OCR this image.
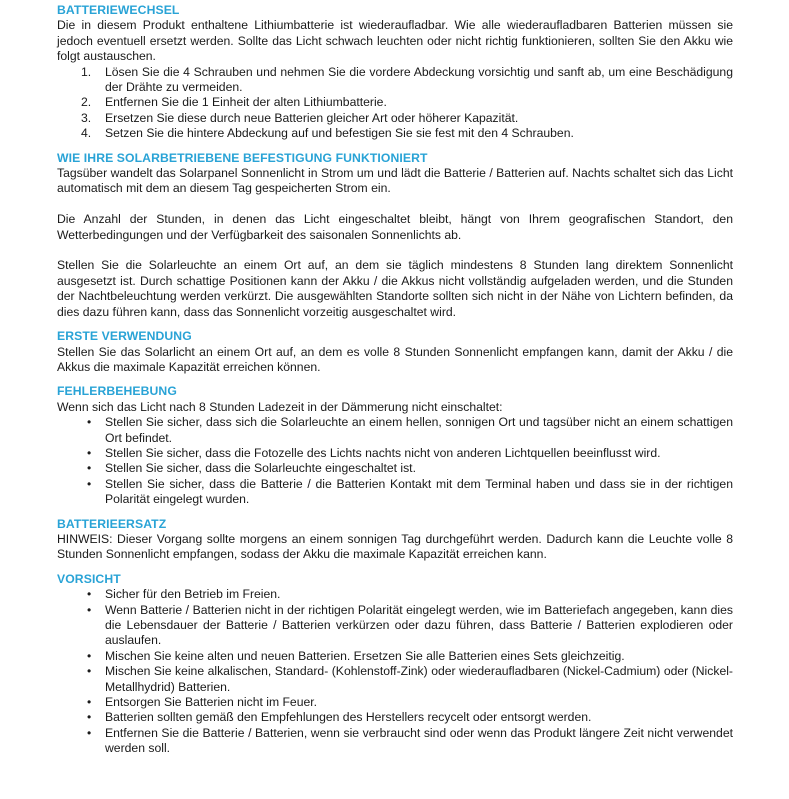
BATTERIEWECHSEL

Die in diesem Produkt enthaltene Lithiumbatterie ist wiederaufladbar. Wie alle wiederaufladbaren Batterien müssen sie jedoch eventuell ersetzt werden. Sollte das Licht schwach leuchten oder nicht richtig funktionieren, sollten Sie den Akku wie folgt austauschen.

1. Lösen Sie die 4 Schrauben und nehmen Sie die vordere Abdeckung vorsichtig und sanft ab, um eine Beschädigung der Drähte zu vermeiden.
2. Entfernen Sie die 1 Einheit der alten Lithiumbatterie.
3. Ersetzen Sie diese durch neue Batterien gleicher Art oder höherer Kapazität.
4. Setzen Sie die hintere Abdeckung auf und befestigen Sie sie fest mit den 4 Schrauben.
WIE IHRE SOLARBETRIEBENE BEFESTIGUNG FUNKTIONIERT

Tagsüber wandelt das Solarpanel Sonnenlicht in Strom um und lädt die Batterie / Batterien auf. Nachts schaltet sich das Licht automatisch mit dem an diesem Tag gespeicherten Strom ein.

Die Anzahl der Stunden, in denen das Licht eingeschaltet bleibt, hängt von Ihrem geografischen Standort, den Wetterbedingungen und der Verfügbarkeit des saisonalen Sonnenlichts ab.

Stellen Sie die Solarleuchte an einem Ort auf, an dem sie täglich mindestens 8 Stunden lang direktem Sonnenlicht ausgesetzt ist. Durch schattige Positionen kann der Akku / die Akkus nicht vollständig aufgeladen werden, und die Stunden der Nachtbeleuchtung werden verkürzt. Die ausgewählten Standorte sollten sich nicht in der Nähe von Lichtern befinden, da dies dazu führen kann, dass das Sonnenlicht vorzeitig ausgeschaltet wird.

ERSTE VERWENDUNG

Stellen Sie das Solarlicht an einem Ort auf, an dem es volle 8 Stunden Sonnenlicht empfangen kann, damit der Akku / die Akkus die maximale Kapazität erreichen können.

FEHLERBEHEBUNG

Wenn sich das Licht nach 8 Stunden Ladezeit in der Dämmerung nicht einschaltet:

• Stellen Sie sicher, dass sich die Solarleuchte an einem hellen, sonnigen Ort und tagsüber nicht an einem schattigen Ort befindet.
• Stellen Sie sicher, dass die Fotozelle des Lichts nachts nicht von anderen Lichtquellen beeinflusst wird.
• Stellen Sie sicher, dass die Solarleuchte eingeschaltet ist.
• Stellen Sie sicher, dass die Batterie / die Batterien Kontakt mit dem Terminal haben und dass sie in der richtigen Polarität eingelegt wurden.
BATTERIEERSATZ

HINWEIS: Dieser Vorgang sollte morgens an einem sonnigen Tag durchgeführt werden. Dadurch kann die Leuchte volle 8 Stunden Sonnenlicht empfangen, sodass der Akku die maximale Kapazität erreichen kann.

VORSICHT
• Sicher für den Betrieb im Freien.
• Wenn Batterie / Batterien nicht in der richtigen Polarität eingelegt werden, wie im Batteriefach angegeben, kann dies die Lebensdauer der Batterie / Batterien verkürzen oder dazu führen, dass Batterie / Batterien explodieren oder auslaufen.
• Mischen Sie keine alten und neuen Batterien. Ersetzen Sie alle Batterien eines Sets gleichzeitig.
• Mischen Sie keine alkalischen, Standard- (Kohlenstoff-Zink) oder wiederaufladbaren (Nickel-Cadmium) oder (Nickel-Metallhydrid) Batterien.
• Entsorgen Sie Batterien nicht im Feuer.
• Batterien sollten gemäß den Empfehlungen des Herstellers recycelt oder entsorgt werden.
• Entfernen Sie die Batterie / Batterien, wenn sie verbraucht sind oder wenn das Produkt längere Zeit nicht verwendet werden soll.
